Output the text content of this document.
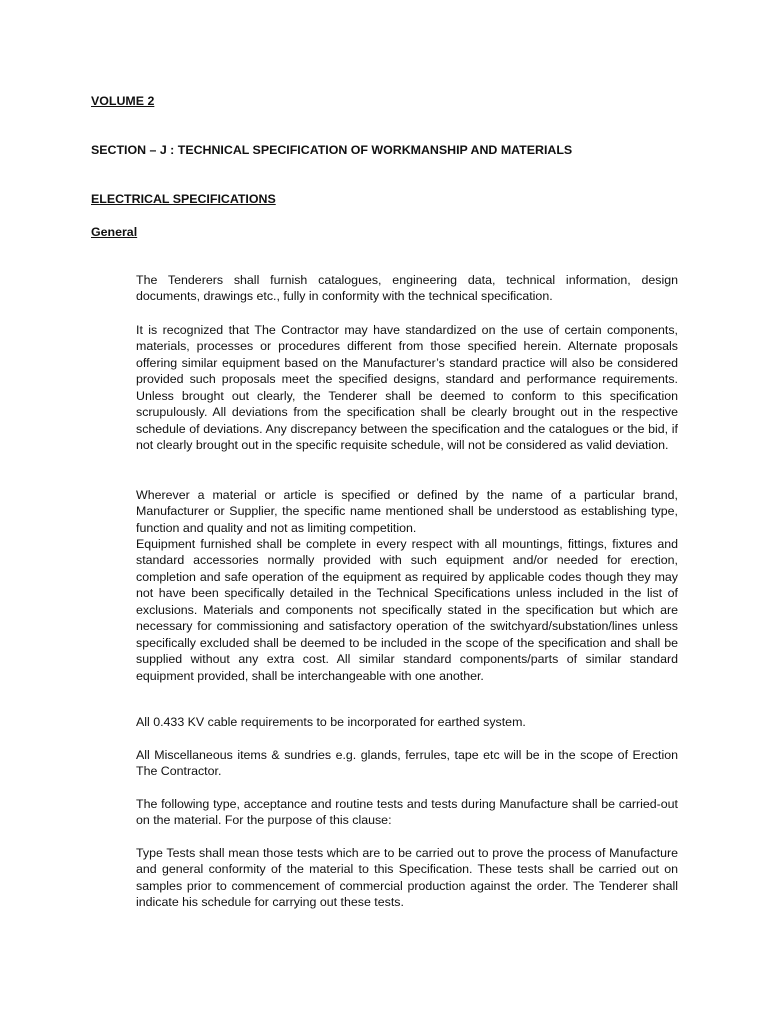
VOLUME 2

SECTION – J : TECHNICAL SPECIFICATION OF WORKMANSHIP AND MATERIALS

ELECTRICAL SPECIFICATIONS

General

The Tenderers shall furnish catalogues, engineering data, technical information, design documents, drawings etc., fully in conformity with the technical specification.

It is recognized that The Contractor may have standardized on the use of certain components, materials, processes or procedures different from those specified herein. Alternate proposals offering similar equipment based on the Manufacturer’s standard practice will also be considered provided such proposals meet the specified designs, standard and performance requirements. Unless brought out clearly, the Tenderer shall be deemed to conform to this specification scrupulously. All deviations from the specification shall be clearly brought out in the respective schedule of deviations. Any discrepancy between the specification and the catalogues or the bid, if not clearly brought out in the specific requisite schedule, will not be considered as valid deviation.

Wherever a material or article is specified or defined by the name of a particular brand, Manufacturer or Supplier, the specific name mentioned shall be understood as establishing type, function and quality and not as limiting competition.

Equipment furnished shall be complete in every respect with all mountings, fittings, fixtures and standard accessories normally provided with such equipment and/or needed for erection, completion and safe operation of the equipment as required by applicable codes though they may not have been specifically detailed in the Technical Specifications unless included in the list of exclusions. Materials and components not specifically stated in the specification but which are necessary for commissioning and satisfactory operation of the switchyard/substation/lines unless specifically excluded shall be deemed to be included in the scope of the specification and shall be supplied without any extra cost. All similar standard components/parts of similar standard equipment provided, shall be interchangeable with one another.

All 0.433 KV cable requirements to be incorporated for earthed system.

All Miscellaneous items & sundries e.g. glands, ferrules, tape etc will be in the scope of Erection The Contractor.

The following type, acceptance and routine tests and tests during Manufacture shall be carried-out on the material. For the purpose of this clause:

Type Tests shall mean those tests which are to be carried out to prove the process of Manufacture and general conformity of the material to this Specification. These tests shall be carried out on samples prior to commencement of commercial production against the order. The Tenderer shall indicate his schedule for carrying out these tests.
